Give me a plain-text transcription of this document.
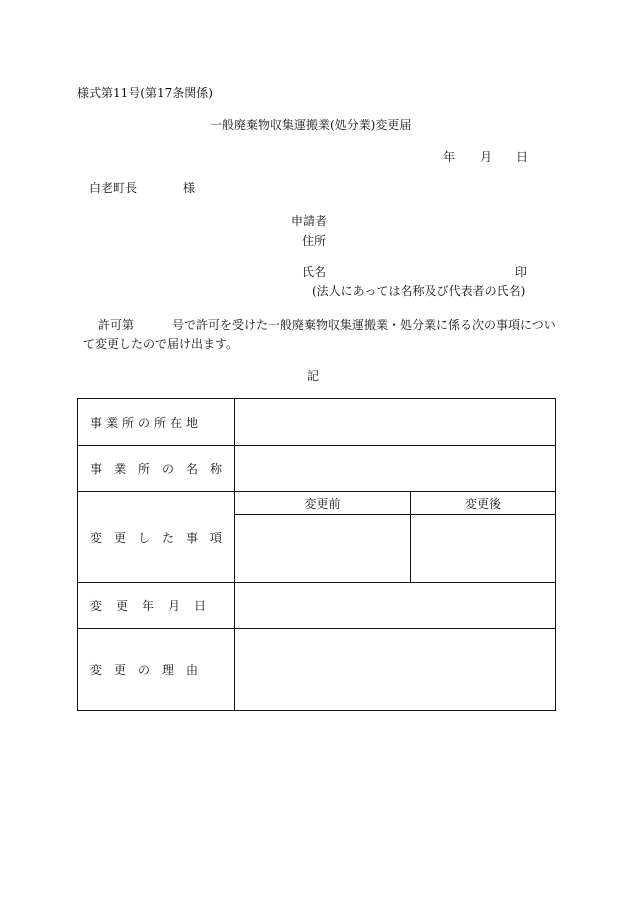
様式第11号(第17条関係)
一般廃棄物収集運搬業(処分業)変更届
年 月 日
白老町長	様
申請者
住所
氏名	印
(法人にあっては名称及び代表者の氏名)
許可第	号で許可を受けた一般廃棄物収集運搬業・処分業に係る次の事項につい
て変更したので届け出ます。
記
事業所の所在地		
事業所の名称		
変更した事項	変更前	変更後

変更年月日		
変更の理由		
